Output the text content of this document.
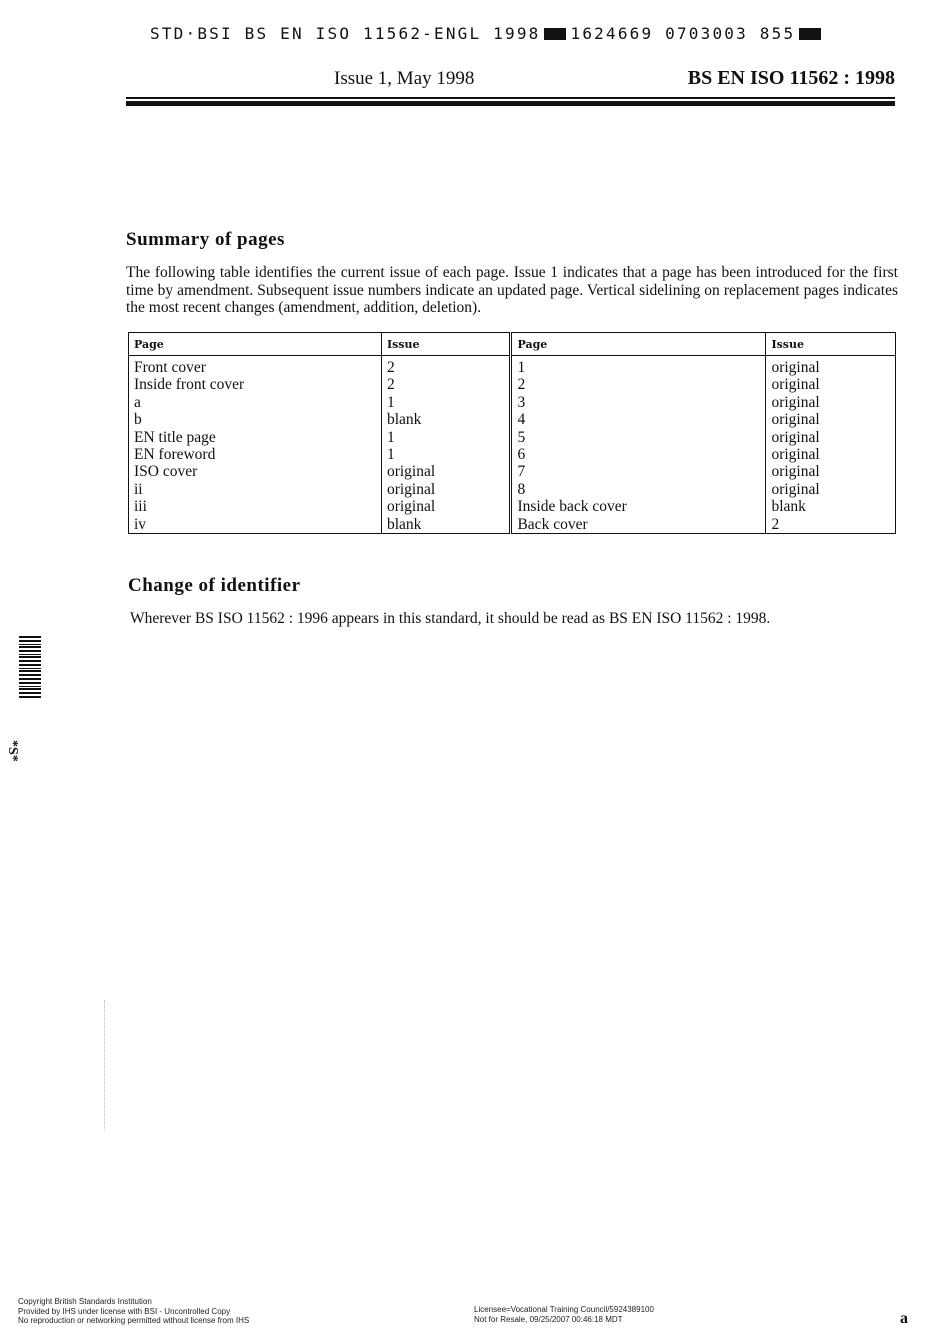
STD·BSI BS EN ISO 11562-ENGL 1998 1624669 0703003 855
Issue 1, May 1998	BS EN ISO 11562 : 1998
Summary of pages
The following table identifies the current issue of each page. Issue 1 indicates that a page has been introduced for the first time by amendment. Subsequent issue numbers indicate an updated page. Vertical sidelining on replacement pages indicates the most recent changes (amendment, addition, deletion).
Page	Issue	Page	Issue
Front cover	2	1	original
Inside front cover	2	2	original
a	1	3	original
b	blank	4	original
EN title page	1	5	original
EN foreword	1	6	original
ISO cover	original	7	original
ii	original	8	original
iii	original	Inside back cover	blank
iv	blank	Back cover	2
Change of identifier
Wherever BS ISO 11562 : 1996 appears in this standard, it should be read as BS EN ISO 11562 : 1998.
*S*
Copyright British Standards Institution
Provided by IHS under license with BSI - Uncontrolled Copy
No reproduction or networking permitted without license from IHS
Licensee=Vocational Training Council/5924389100
Not for Resale, 09/25/2007 00:46:18 MDT	a
